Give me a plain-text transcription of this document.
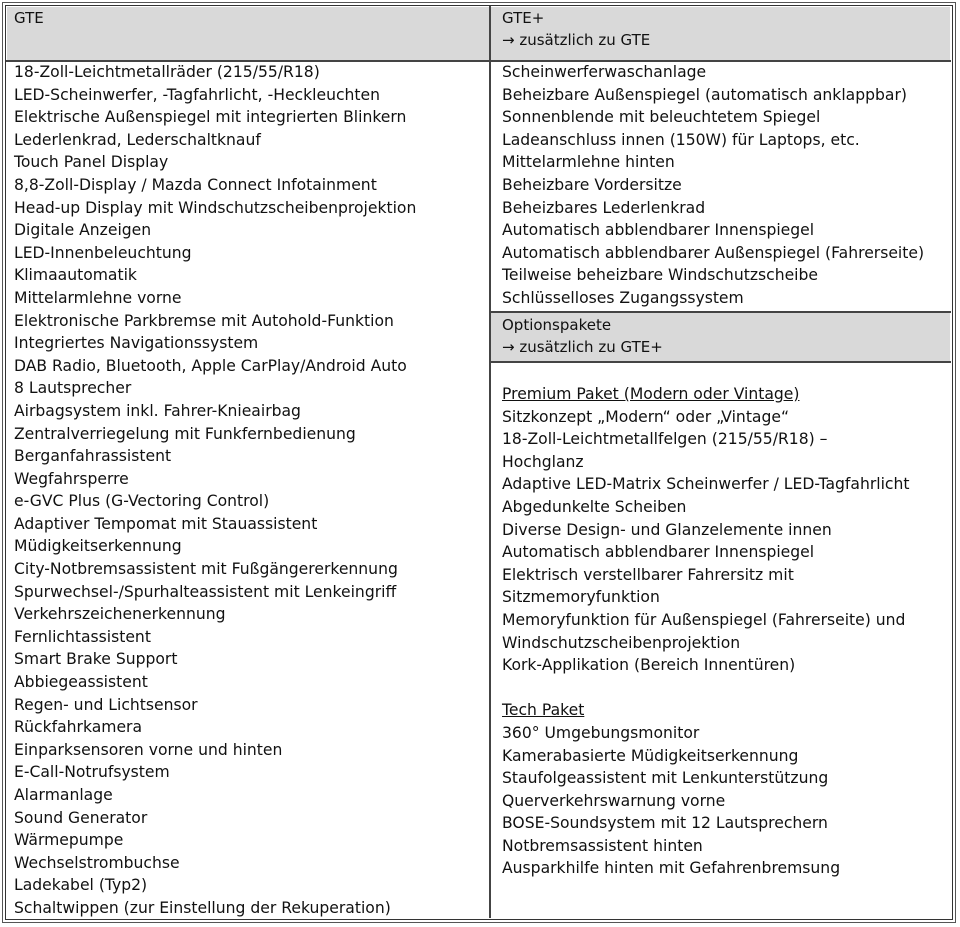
GTE	GTE+
→ zusätzlich zu GTE
Optionspakete
→ zusätzlich zu GTE+
18-Zoll-Leichtmetallräder (215/55/R18)
LED-Scheinwerfer, -Tagfahrlicht, -Heckleuchten
Elektrische Außenspiegel mit integrierten Blinkern
Lederlenkrad, Lederschaltknauf
Touch Panel Display
8,8-Zoll-Display / Mazda Connect Infotainment
Head-up Display mit Windschutzscheibenprojektion
Digitale Anzeigen
LED-Innenbeleuchtung
Klimaautomatik
Mittelarmlehne vorne
Elektronische Parkbremse mit Autohold-Funktion
Integriertes Navigationssystem
DAB Radio, Bluetooth, Apple CarPlay/Android Auto
8 Lautsprecher
Airbagsystem inkl. Fahrer-Knieairbag
Zentralverriegelung mit Funkfernbedienung
Berganfahrassistent
Wegfahrsperre
e-GVC Plus (G-Vectoring Control)
Adaptiver Tempomat mit Stauassistent
Müdigkeitserkennung
City-Notbremsassistent mit Fußgängererkennung
Spurwechsel-/Spurhalteassistent mit Lenkeingriff
Verkehrszeichenerkennung
Fernlichtassistent
Smart Brake Support
Abbiegeassistent
Regen- und Lichtsensor
Rückfahrkamera
Einparksensoren vorne und hinten
E-Call-Notrufsystem
Alarmanlage
Sound Generator
Wärmepumpe
Wechselstrombuchse
Ladekabel (Typ2)
Schaltwippen (zur Einstellung der Rekuperation)
Scheinwerferwaschanlage
Beheizbare Außenspiegel (automatisch anklappbar)
Sonnenblende mit beleuchtetem Spiegel
Ladeanschluss innen (150W) für Laptops, etc.
Mittelarmlehne hinten
Beheizbare Vordersitze
Beheizbares Lederlenkrad
Automatisch abblendbarer Innenspiegel
Automatisch abblendbarer Außenspiegel (Fahrerseite)
Teilweise beheizbare Windschutzscheibe
Schlüsselloses Zugangssystem
Premium Paket (Modern oder Vintage)
Sitzkonzept „Modern“ oder „Vintage“
18-Zoll-Leichtmetallfelgen (215/55/R18) –
Hochglanz
Adaptive LED-Matrix Scheinwerfer / LED-Tagfahrlicht
Abgedunkelte Scheiben
Diverse Design- und Glanzelemente innen
Automatisch abblendbarer Innenspiegel
Elektrisch verstellbarer Fahrersitz mit
Sitzmemoryfunktion
Memoryfunktion für Außenspiegel (Fahrerseite) und
Windschutzscheibenprojektion
Kork-Applikation (Bereich Innentüren)
Tech Paket
360° Umgebungsmonitor
Kamerabasierte Müdigkeitserkennung
Staufolgeassistent mit Lenkunterstützung
Querverkehrswarnung vorne
BOSE-Soundsystem mit 12 Lautsprechern
Notbremsassistent hinten
Ausparkhilfe hinten mit Gefahrenbremsung
